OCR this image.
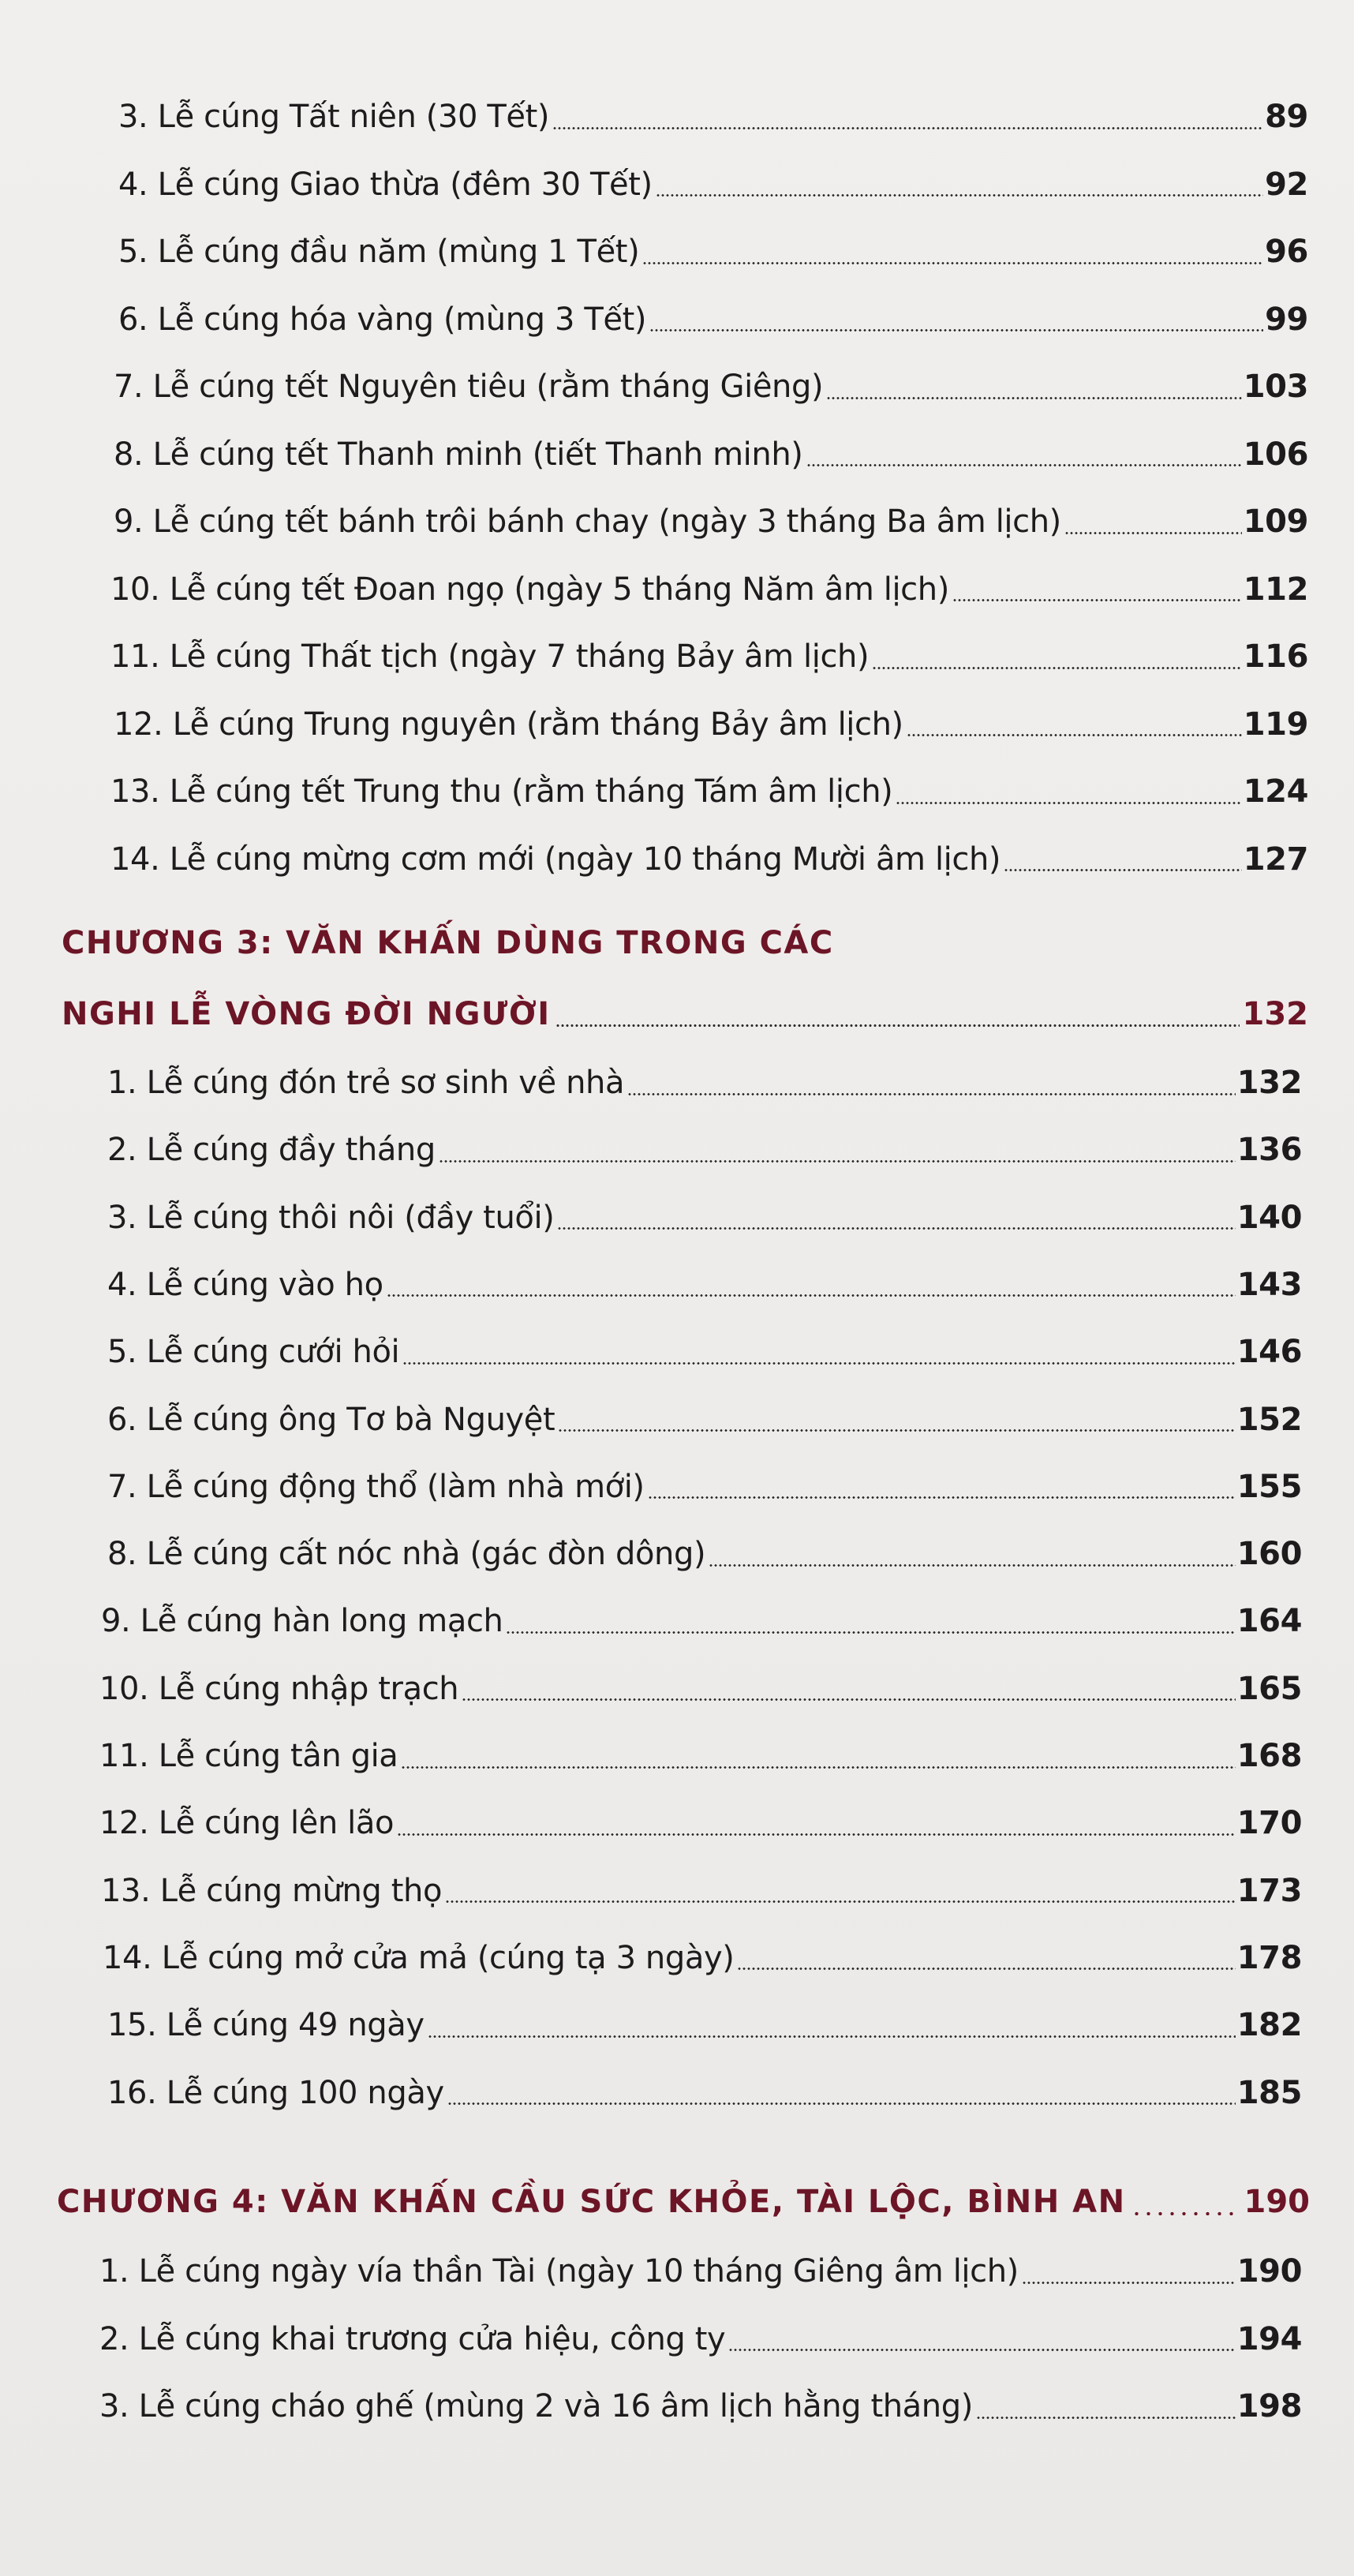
3. Lễ cúng Tất niên (30 Tết)	89
4. Lễ cúng Giao thừa (đêm 30 Tết)	92
5. Lễ cúng đầu năm (mùng 1 Tết)	96
6. Lễ cúng hóa vàng (mùng 3 Tết)	99
7. Lễ cúng tết Nguyên tiêu (rằm tháng Giêng)	103
8. Lễ cúng tết Thanh minh (tiết Thanh minh)	106
9. Lễ cúng tết bánh trôi bánh chay (ngày 3 tháng Ba âm lịch)	109
10. Lễ cúng tết Đoan ngọ (ngày 5 tháng Năm âm lịch)	112
11. Lễ cúng Thất tịch (ngày 7 tháng Bảy âm lịch)	116
12. Lễ cúng Trung nguyên (rằm tháng Bảy âm lịch)	119
13. Lễ cúng tết Trung thu (rằm tháng Tám âm lịch)	124
14. Lễ cúng mừng cơm mới (ngày 10 tháng Mười âm lịch)	127
CHƯƠNG 3: VĂN KHẤN DÙNG TRONG CÁC
NGHI LỄ VÒNG ĐỜI NGƯỜI	132
1. Lễ cúng đón trẻ sơ sinh về nhà	132
2. Lễ cúng đầy tháng	136
3. Lễ cúng thôi nôi (đầy tuổi)	140
4. Lễ cúng vào họ	143
5. Lễ cúng cưới hỏi	146
6. Lễ cúng ông Tơ bà Nguyệt	152
7. Lễ cúng động thổ (làm nhà mới)	155
8. Lễ cúng cất nóc nhà (gác đòn dông)	160
9. Lễ cúng hàn long mạch	164
10. Lễ cúng nhập trạch	165
11. Lễ cúng tân gia	168
12. Lễ cúng lên lão	170
13. Lễ cúng mừng thọ	173
14. Lễ cúng mở cửa mả (cúng tạ 3 ngày)	178
15. Lễ cúng 49 ngày	182
16. Lễ cúng 100 ngày	185
CHƯƠNG 4: VĂN KHẤN CẦU SỨC KHỎE, TÀI LỘC, BÌNH AN	190
1. Lễ cúng ngày vía thần Tài (ngày 10 tháng Giêng âm lịch)	190
2. Lễ cúng khai trương cửa hiệu, công ty	194
3. Lễ cúng cháo ghế (mùng 2 và 16 âm lịch hằng tháng)	198
